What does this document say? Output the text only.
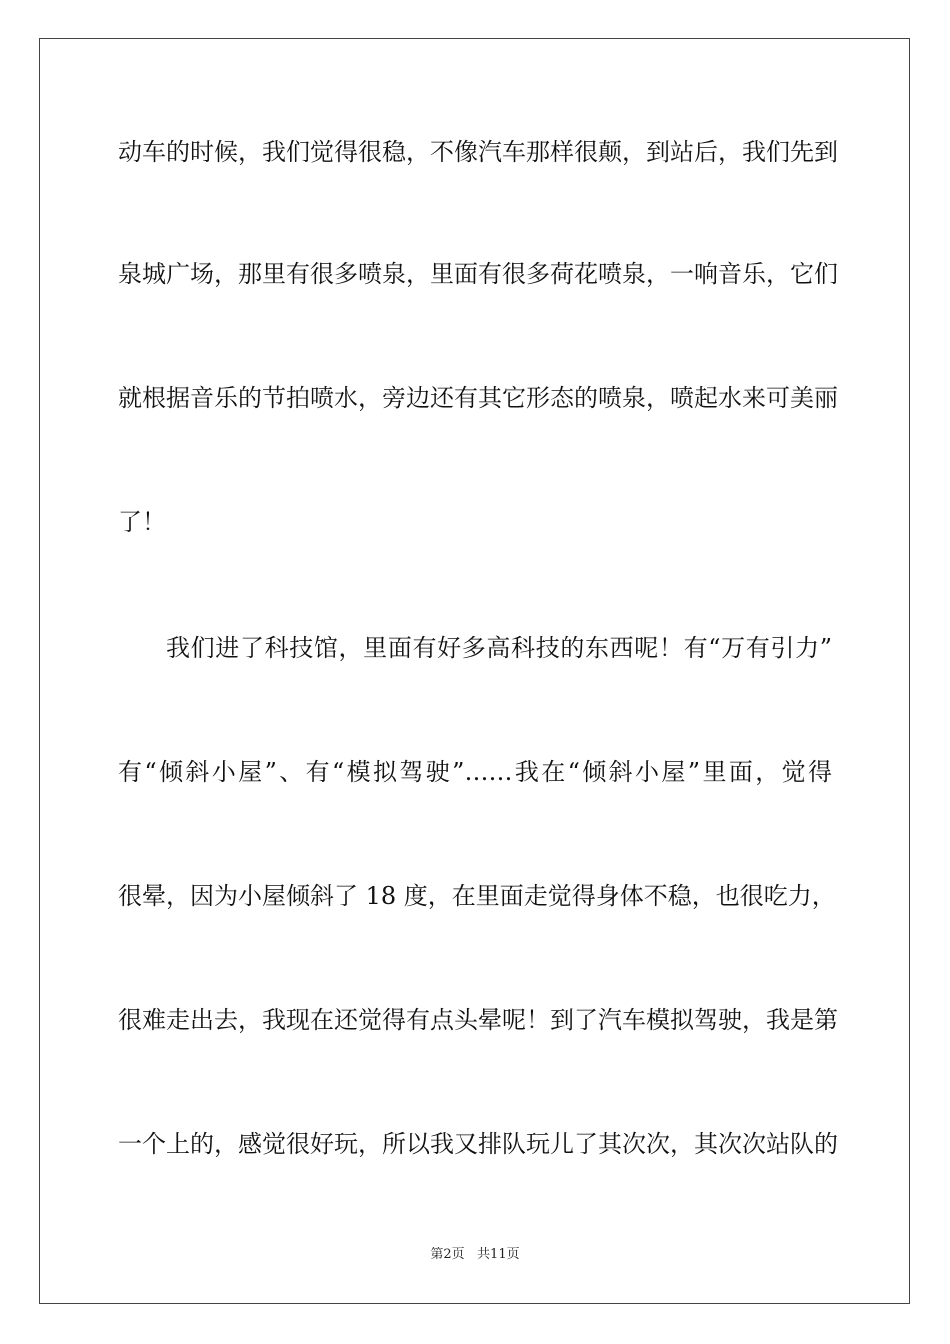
动车的时候，我们觉得很稳，不像汽车那样很颠，到站后，我们先到
泉城广场，那里有很多喷泉，里面有很多荷花喷泉，一响音乐，它们
就根据音乐的节拍喷水，旁边还有其它形态的喷泉，喷起水来可美丽
了！
我们进了科技馆，里面有好多高科技的东西呢！有“万有引力”
有“倾斜小屋”、有“模拟驾驶”……我在“倾斜小屋”里面，觉得
很晕，因为小屋倾斜了 18 度，在里面走觉得身体不稳，也很吃力，
很难走出去，我现在还觉得有点头晕呢！到了汽车模拟驾驶，我是第
一个上的，感觉很好玩，所以我又排队玩儿了其次次，其次次站队的
第2页   共11页
